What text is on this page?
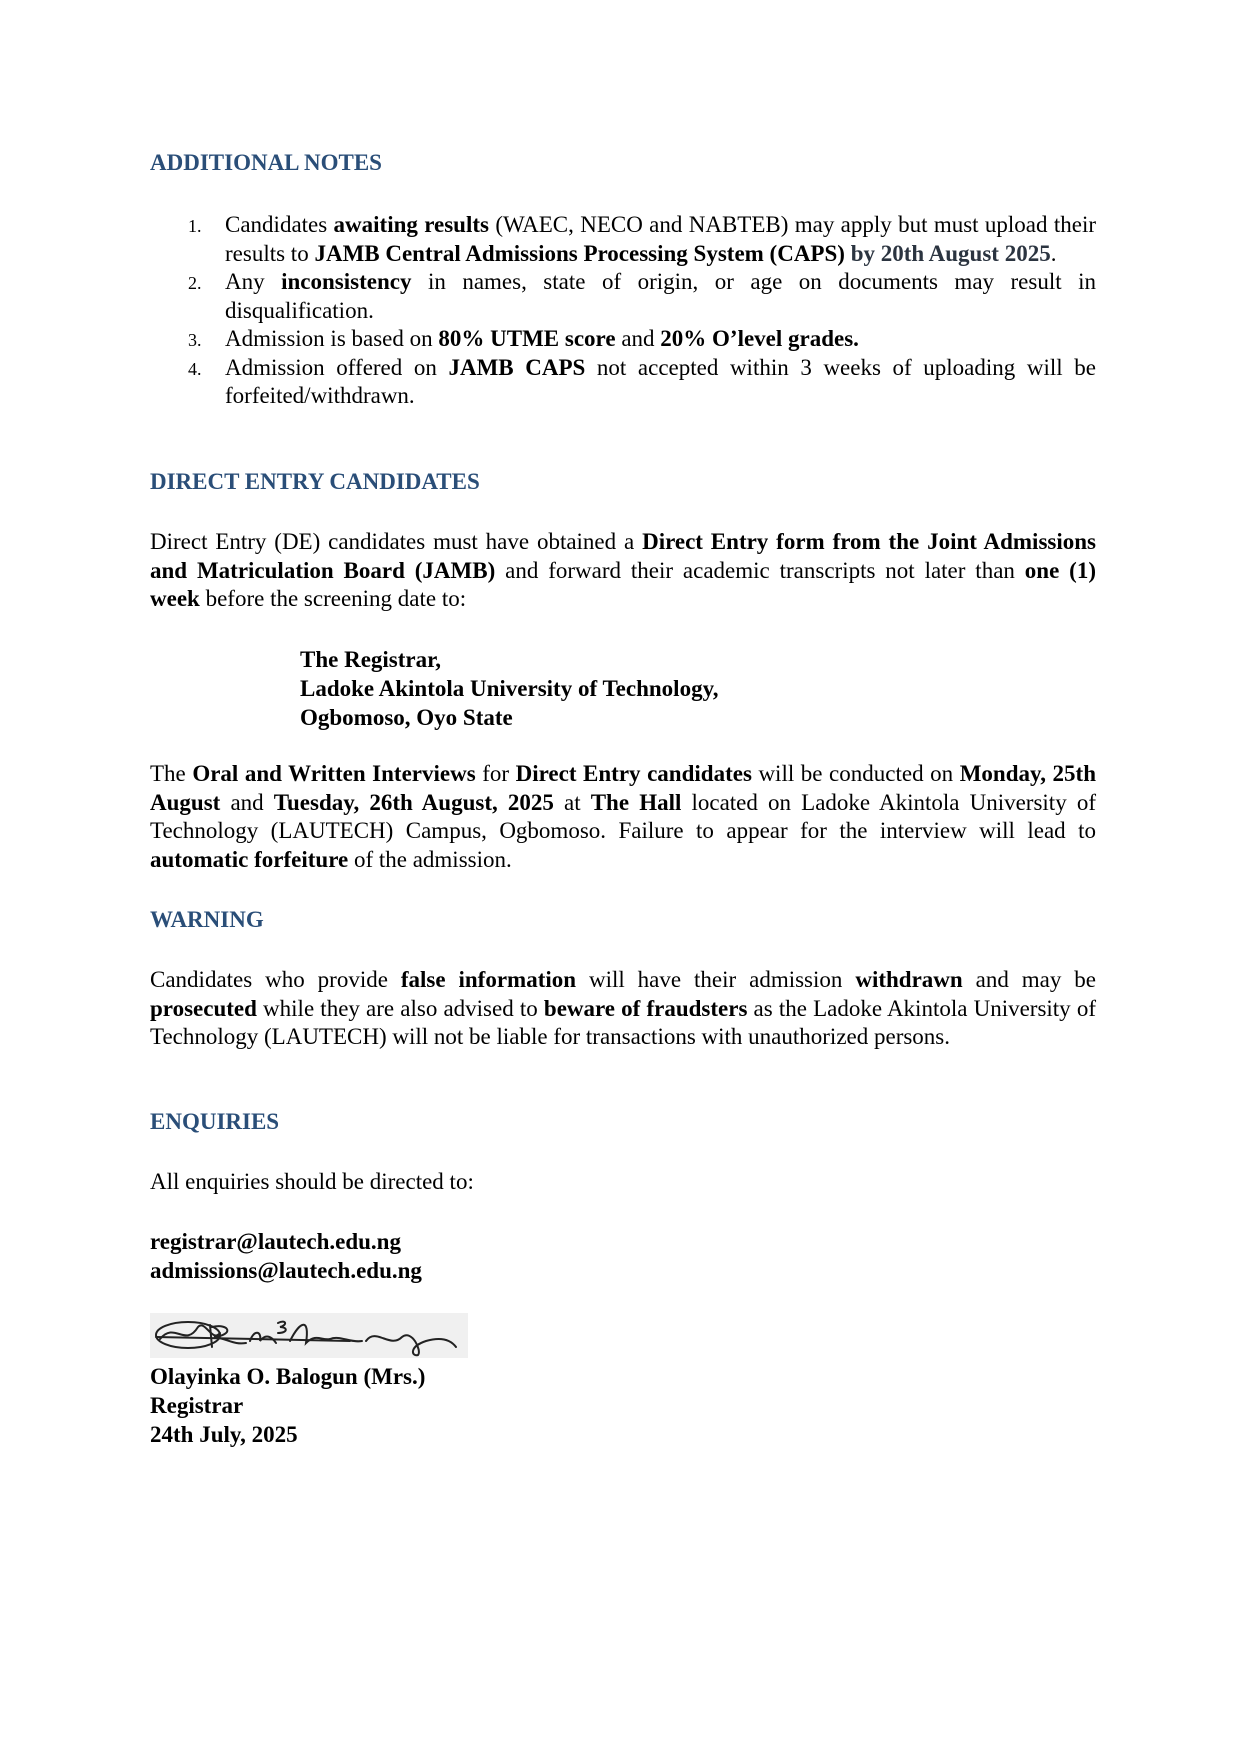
ADDITIONAL NOTES
1. Candidates awaiting results (WAEC, NECO and NABTEB) may apply but must upload their results to JAMB Central Admissions Processing System (CAPS) by 20th August 2025.
2. Any inconsistency in names, state of origin, or age on documents may result in disqualification.
3. Admission is based on 80% UTME score and 20% O’level grades.
4. Admission offered on JAMB CAPS not accepted within 3 weeks of uploading will be forfeited/withdrawn.
DIRECT ENTRY CANDIDATES

Direct Entry (DE) candidates must have obtained a Direct Entry form from the Joint Admissions and Matriculation Board (JAMB) and forward their academic transcripts not later than one (1) week before the screening date to:

The Registrar,
Ladoke Akintola University of Technology,
Ogbomoso, Oyo State

The Oral and Written Interviews for Direct Entry candidates will be conducted on Monday, 25th August and Tuesday, 26th August, 2025 at The Hall located on Ladoke Akintola University of Technology (LAUTECH) Campus, Ogbomoso. Failure to appear for the interview will lead to automatic forfeiture of the admission.

WARNING

Candidates who provide false information will have their admission withdrawn and may be prosecuted while they are also advised to beware of fraudsters as the Ladoke Akintola University of Technology (LAUTECH) will not be liable for transactions with unauthorized persons.

ENQUIRIES

All enquiries should be directed to:

registrar@lautech.edu.ng
admissions@lautech.edu.ng
Olayinka O. Balogun (Mrs.)
Registrar
24th July, 2025
